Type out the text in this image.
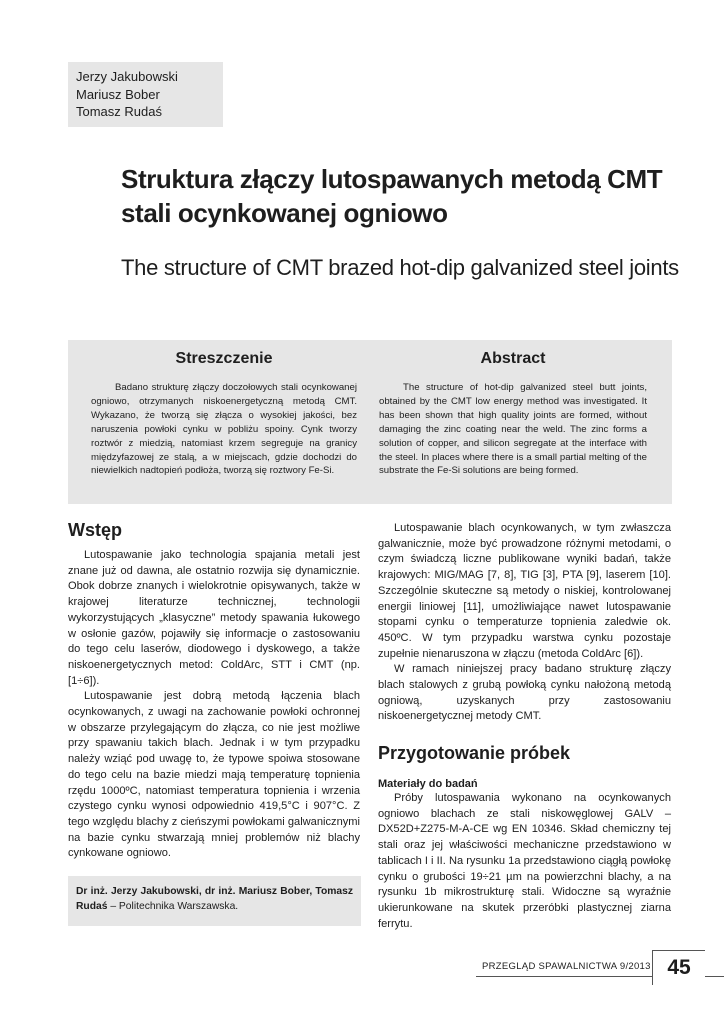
Jerzy Jakubowski
Mariusz Bober
Tomasz Rudaś
Struktura złączy lutospawanych metodą CMT stali ocynkowanej ogniowo
The structure of CMT brazed hot-dip galvanized steel joints
Streszczenie
Badano strukturę złączy doczołowych stali ocynkowanej ogniowo, otrzymanych niskoenergetyczną metodą CMT. Wykazano, że tworzą się złącza o wysokiej jakości, bez naruszenia powłoki cynku w pobliżu spoiny. Cynk tworzy roztwór z miedzią, natomiast krzem segreguje na granicy międzyfazowej ze stalą, a w miejscach, gdzie dochodzi do niewielkich nadtopień podłoża, tworzą się roztwory Fe-Si.
Abstract
The structure of hot-dip galvanized steel butt joints, obtained by the CMT low energy method was investigated. It has been shown that high quality joints are formed, without damaging the zinc coating near the weld. The zinc forms a solution of copper, and silicon segregate at the interface with the steel. In places where there is a small partial melting of the substrate the Fe-Si solutions are being formed.
Wstęp

Lutospawanie jako technologia spajania metali jest znane już od dawna, ale ostatnio rozwija się dynamicznie. Obok dobrze znanych i wielokrotnie opisywanych, także w krajowej literaturze technicznej, technologii wykorzystujących „klasyczne” metody spawania łukowego w osłonie gazów, pojawiły się informacje o zastosowaniu do tego celu laserów, diodowego i dyskowego, a także niskoenergetycznych metod: ColdArc, STT i CMT (np. [1÷6]).

Lutospawanie jest dobrą metodą łączenia blach ocynkowanych, z uwagi na zachowanie powłoki ochronnej w obszarze przylegającym do złącza, co nie jest możliwe przy spawaniu takich blach. Jednak i w tym przypadku należy wziąć pod uwagę to, że typowe spoiwa stosowane do tego celu na bazie miedzi mają temperaturę topnienia rzędu 1000ºC, natomiast temperatura topnienia i wrzenia czystego cynku wynosi odpowiednio 419,5°C i 907°C. Z tego względu blachy z cieńszymi powłokami galwanicznymi na bazie cynku stwarzają mniej problemów niż blachy cynkowane ogniowo.

Dr inż. Jerzy Jakubowski, dr inż. Mariusz Bober, Tomasz Rudaś – Politechnika Warszawska.

Lutospawanie blach ocynkowanych, w tym zwłaszcza galwanicznie, może być prowadzone różnymi metodami, o czym świadczą liczne publikowane wyniki badań, także krajowych: MIG/MAG [7, 8], TIG [3], PTA [9], laserem [10]. Szczególnie skuteczne są metody o niskiej, kontrolowanej energii liniowej [11], umożliwiające nawet lutospawanie stopami cynku o temperaturze topnienia zaledwie ok. 450ºC. W tym przypadku warstwa cynku pozostaje zupełnie nienaruszona w złączu (metoda ColdArc [6]).

W ramach niniejszej pracy badano strukturę złączy blach stalowych z grubą powłoką cynku nałożoną metodą ogniową, uzyskanych przy zastosowaniu niskoenergetycznej metody CMT.

Przygotowanie próbek
Materiały do badań

Próby lutospawania wykonano na ocynkowanych ogniowo blachach ze stali niskowęglowej GALV – DX52D+Z275-M-A-CE wg EN 10346. Skład chemiczny tej stali oraz jej właściwości mechaniczne przedstawiono w tablicach I i II. Na rysunku 1a przedstawiono ciągłą powłokę cynku o grubości 19÷21 µm na powierzchni blachy, a na rysunku 1b mikrostrukturę stali. Widoczne są wyraźnie ukierunkowane na skutek przeróbki plastycznej ziarna ferrytu.

PRZEGLĄD SPAWALNICTWA 9/2013 45
